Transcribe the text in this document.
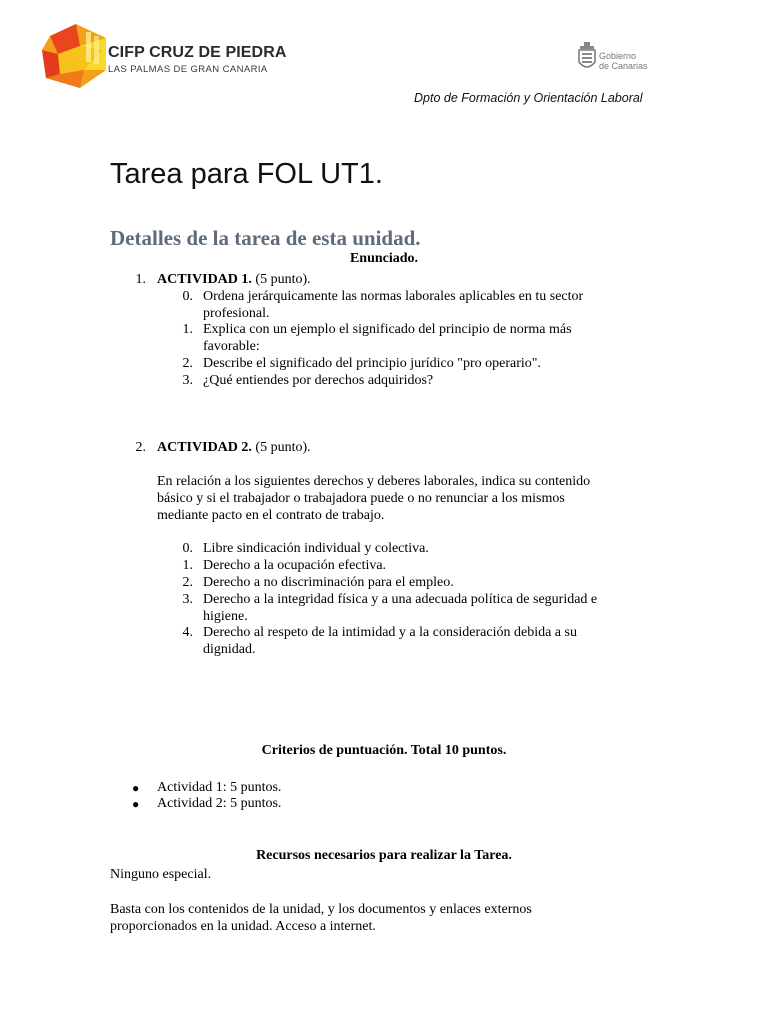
CIFP CRUZ DE PIEDRA
LAS PALMAS DE GRAN CANARIA
Gobierno
de Canarias
Dpto de Formación y Orientación Laboral
Tarea para FOL UT1.
Detalles de la tarea de esta unidad.
Enunciado.
1. ACTIVIDAD 1. (5 punto).
0. Ordena jerárquicamente las normas laborales aplicables en tu sector
profesional.
1. Explica con un ejemplo el significado del principio de norma más
favorable:
2. Describe el significado del principio jurídico "pro operario".
3. ¿Qué entiendes por derechos adquiridos?
2. ACTIVIDAD 2. (5 punto).
En relación a los siguientes derechos y deberes laborales, indica su contenido
básico y si el trabajador o trabajadora puede o no renunciar a los mismos
mediante pacto en el contrato de trabajo.
0. Libre sindicación individual y colectiva.
1. Derecho a la ocupación efectiva.
2. Derecho a no discriminación para el empleo.
3. Derecho a la integridad física y a una adecuada política de seguridad e
higiene.
4. Derecho al respeto de la intimidad y a la consideración debida a su
dignidad.
Criterios de puntuación. Total 10 puntos.
● Actividad 1: 5 puntos.
● Actividad 2: 5 puntos.
Recursos necesarios para realizar la Tarea.
Ninguno especial.
Basta con los contenidos de la unidad, y los documentos y enlaces externos
proporcionados en la unidad. Acceso a internet.
